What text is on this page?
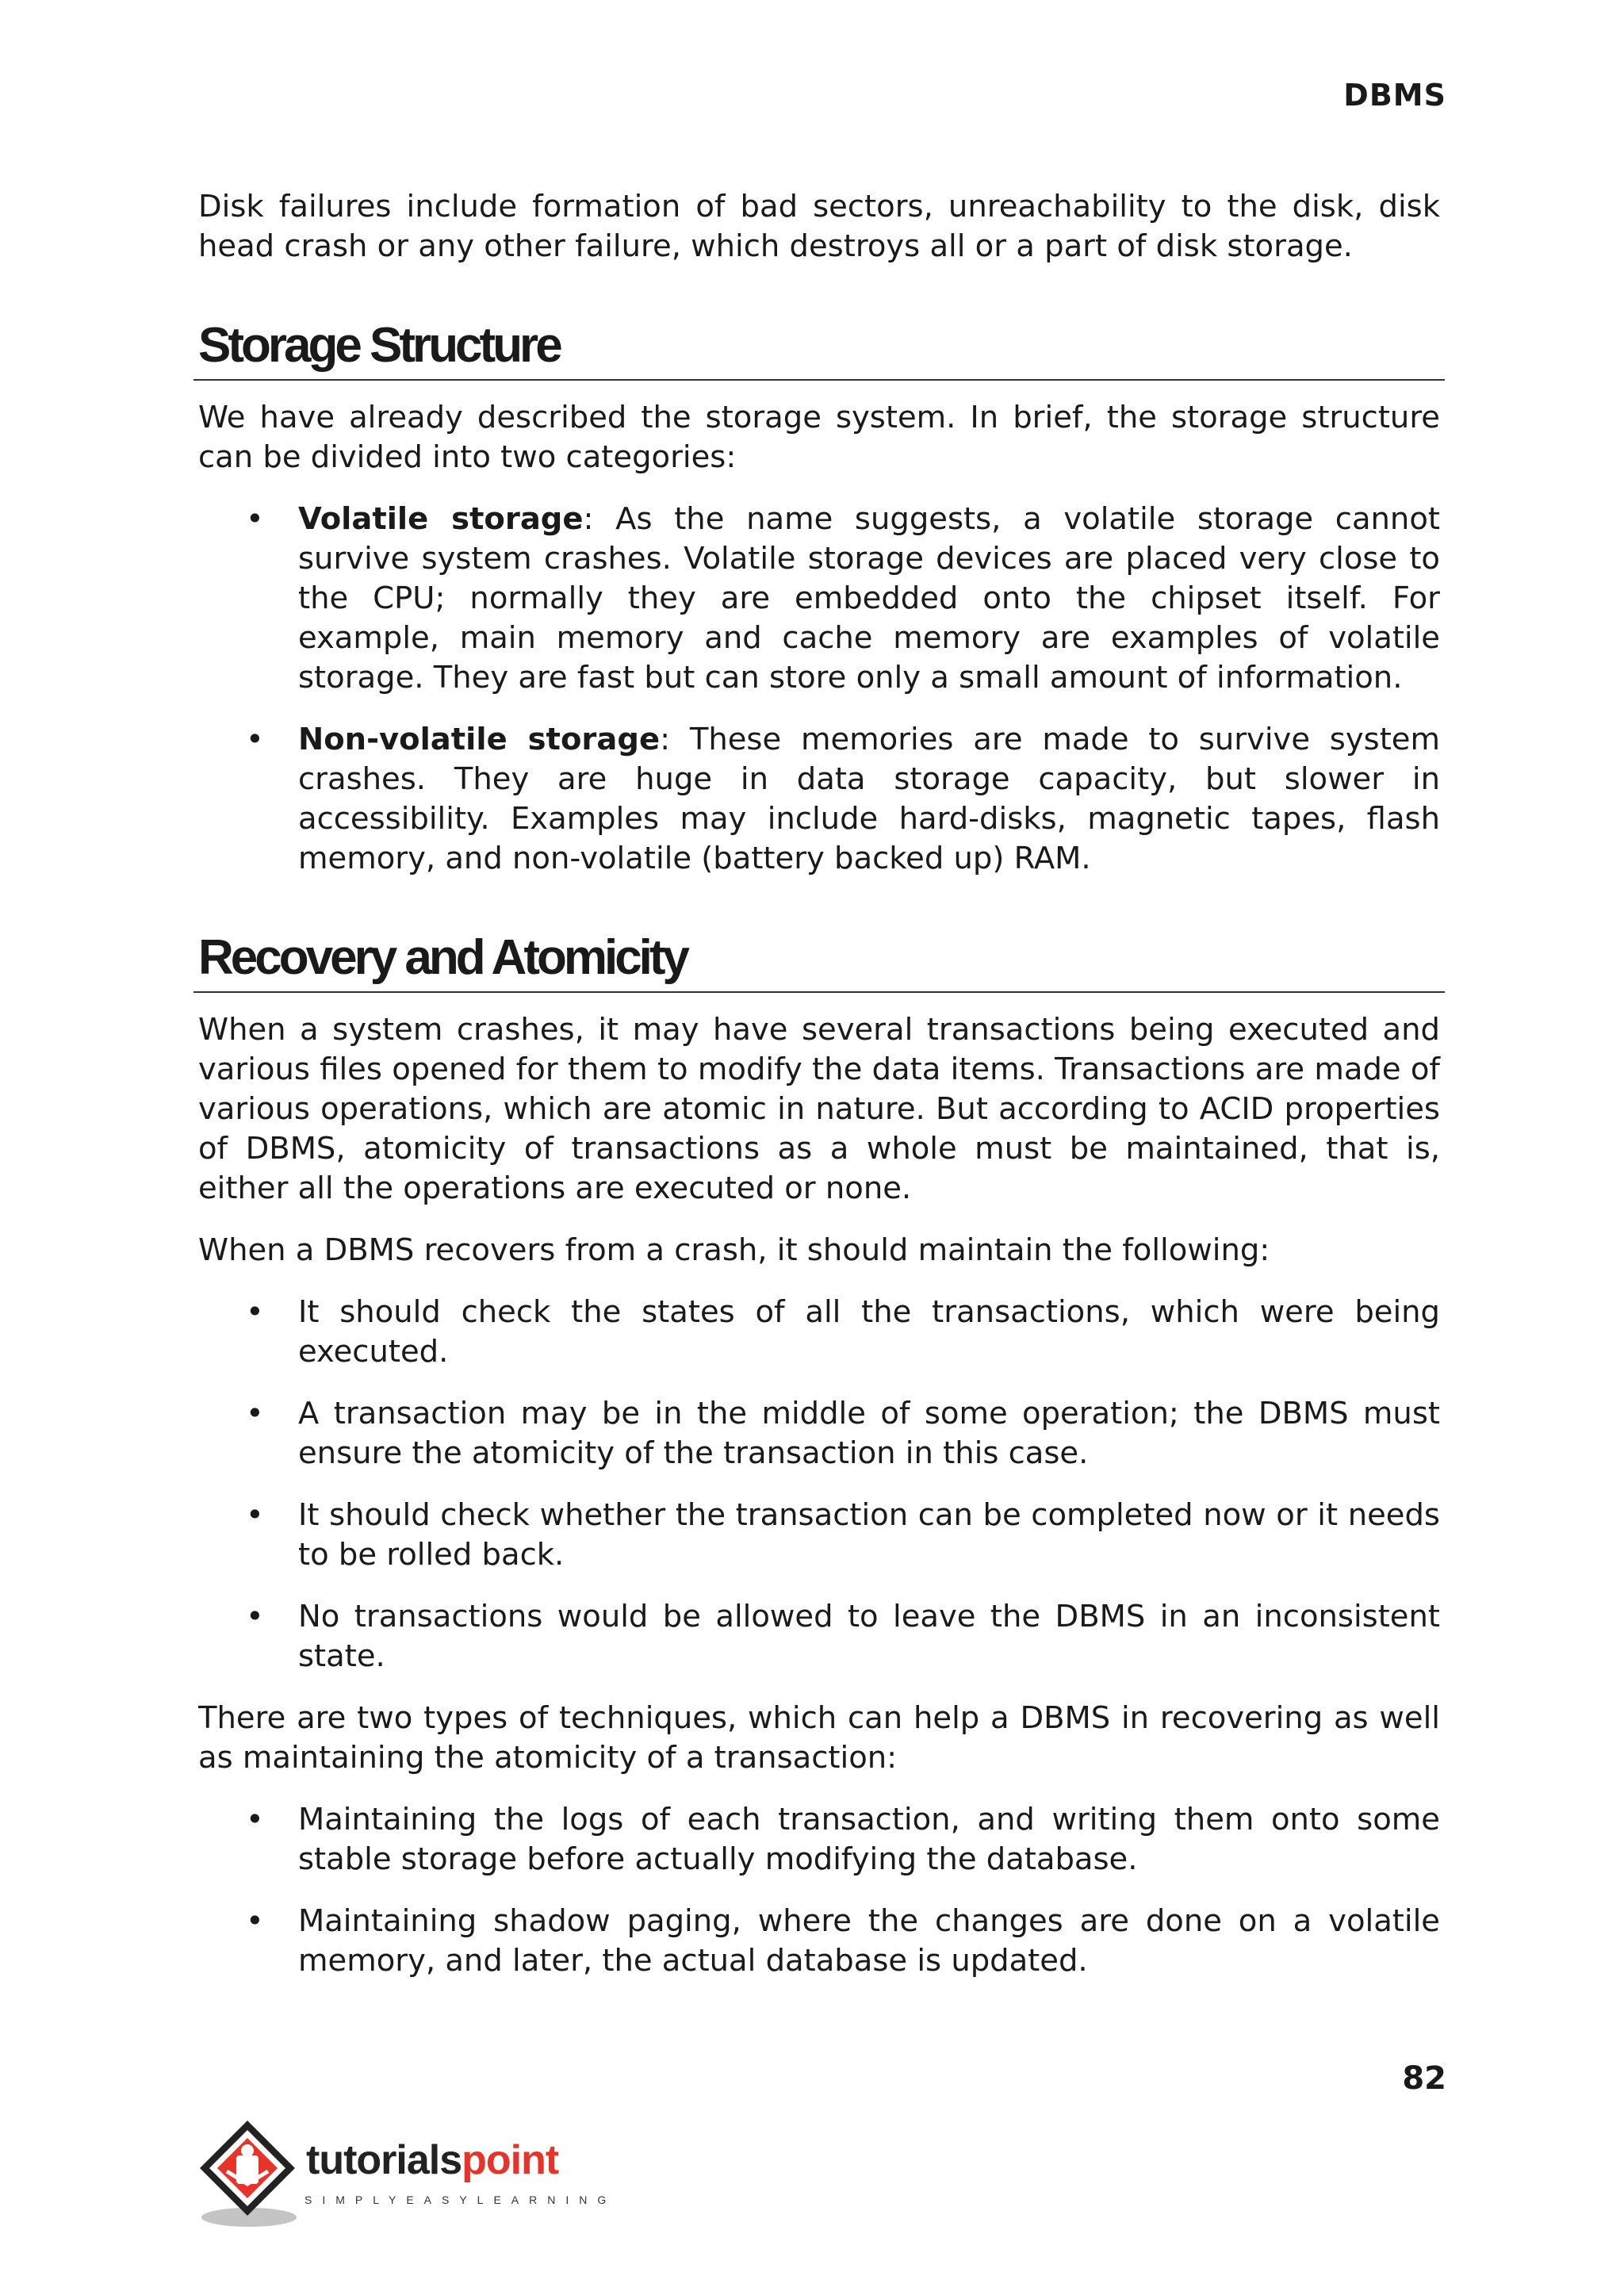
DBMS

Disk failures include formation of bad sectors, unreachability to the disk, disk head crash or any other failure, which destroys all or a part of disk storage.

Storage Structure

We have already described the storage system. In brief, the storage structure can be divided into two categories:

• Volatile storage: As the name suggests, a volatile storage cannot survive system crashes. Volatile storage devices are placed very close to the CPU; normally they are embedded onto the chipset itself. For example, main memory and cache memory are examples of volatile storage. They are fast but can store only a small amount of information.
• Non-volatile storage: These memories are made to survive system crashes. They are huge in data storage capacity, but slower in accessibility. Examples may include hard-disks, magnetic tapes, flash memory, and non-volatile (battery backed up) RAM.
Recovery and Atomicity

When a system crashes, it may have several transactions being executed and various files opened for them to modify the data items. Transactions are made of various operations, which are atomic in nature. But according to ACID properties of DBMS, atomicity of transactions as a whole must be maintained, that is, either all the operations are executed or none.

When a DBMS recovers from a crash, it should maintain the following:

• It should check the states of all the transactions, which were being executed.
• A transaction may be in the middle of some operation; the DBMS must ensure the atomicity of the transaction in this case.
• It should check whether the transaction can be completed now or it needs to be rolled back.
• No transactions would be allowed to leave the DBMS in an inconsistent state.

There are two types of techniques, which can help a DBMS in recovering as well as maintaining the atomicity of a transaction:

• Maintaining the logs of each transaction, and writing them onto some stable storage before actually modifying the database.
• Maintaining shadow paging, where the changes are done on a volatile memory, and later, the actual database is updated.
82
tutorialspoint
SIMPLYEASYLEARNING
